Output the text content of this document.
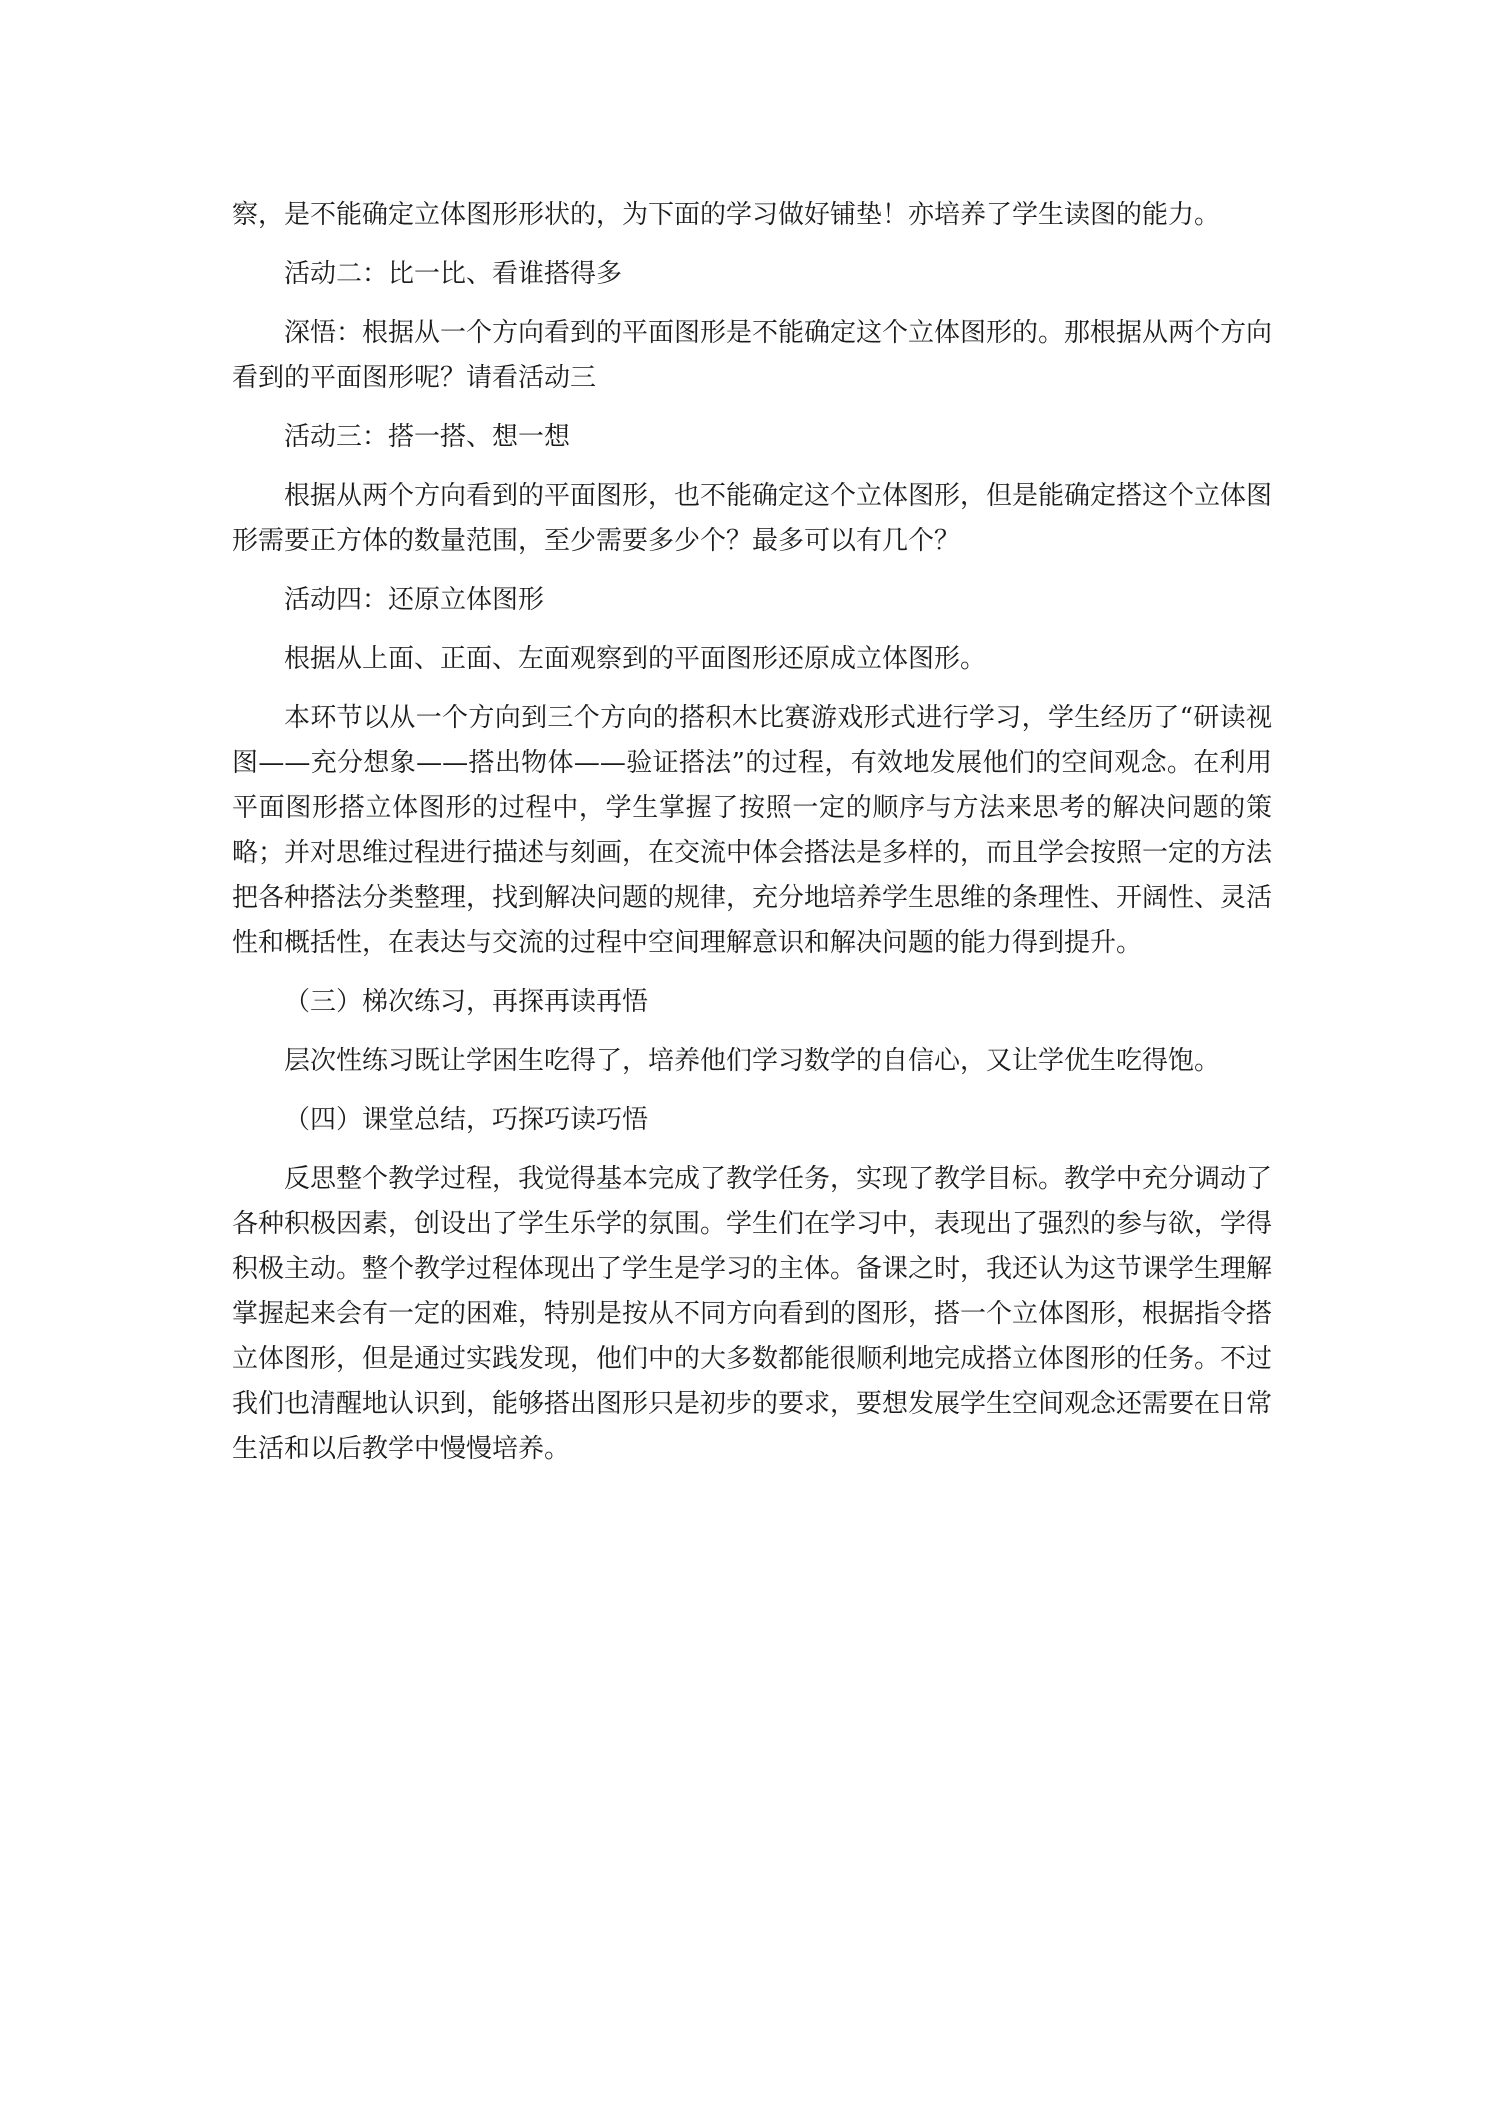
察，是不能确定立体图形形状的，为下面的学习做好铺垫！亦培养了学生读图的能力。

活动二：比一比、看谁搭得多

深悟：根据从一个方向看到的平面图形是不能确定这个立体图形的。那根据从两个方向看到的平面图形呢？请看活动三

活动三：搭一搭、想一想

根据从两个方向看到的平面图形，也不能确定这个立体图形，但是能确定搭这个立体图形需要正方体的数量范围，至少需要多少个？最多可以有几个？

活动四：还原立体图形

根据从上面、正面、左面观察到的平面图形还原成立体图形。

本环节以从一个方向到三个方向的搭积木比赛游戏形式进行学习，学生经历了“研读视图——充分想象——搭出物体——验证搭法”的过程，有效地发展他们的空间观念。在利用平面图形搭立体图形的过程中，学生掌握了按照一定的顺序与方法来思考的解决问题的策略；并对思维过程进行描述与刻画，在交流中体会搭法是多样的，而且学会按照一定的方法把各种搭法分类整理，找到解决问题的规律，充分地培养学生思维的条理性、开阔性、灵活性和概括性，在表达与交流的过程中空间理解意识和解决问题的能力得到提升。

（三）梯次练习，再探再读再悟

层次性练习既让学困生吃得了，培养他们学习数学的自信心，又让学优生吃得饱。

（四）课堂总结，巧探巧读巧悟

反思整个教学过程，我觉得基本完成了教学任务，实现了教学目标。教学中充分调动了各种积极因素，创设出了学生乐学的氛围。学生们在学习中，表现出了强烈的参与欲，学得积极主动。整个教学过程体现出了学生是学习的主体。备课之时，我还认为这节课学生理解掌握起来会有一定的困难，特别是按从不同方向看到的图形，搭一个立体图形，根据指令搭立体图形，但是通过实践发现，他们中的大多数都能很顺利地完成搭立体图形的任务。不过我们也清醒地认识到，能够搭出图形只是初步的要求，要想发展学生空间观念还需要在日常生活和以后教学中慢慢培养。
